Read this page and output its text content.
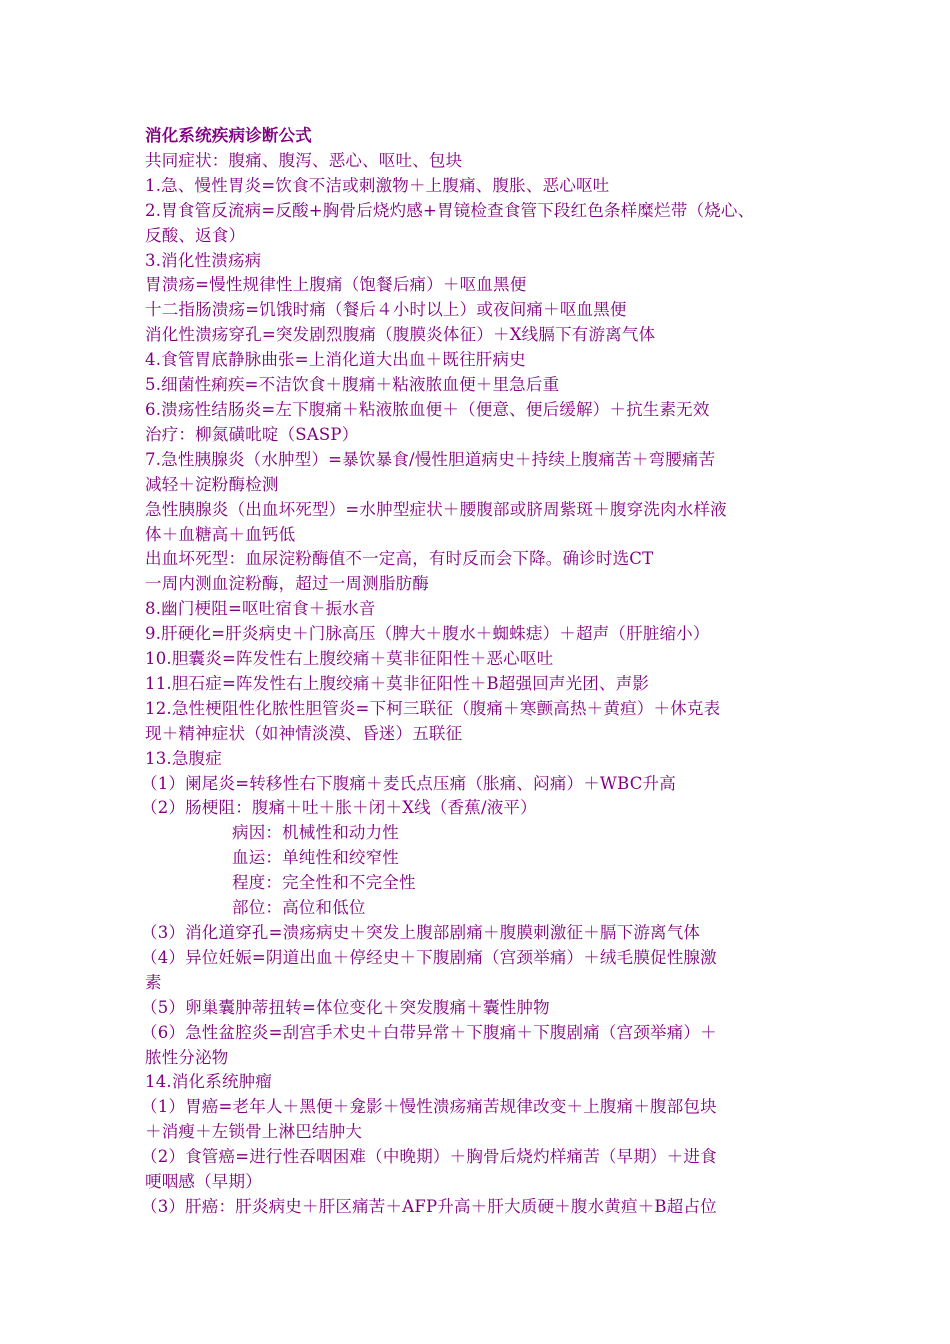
消化系统疾病诊断公式
共同症状：腹痛、腹泻、恶心、呕吐、包块
1.急、慢性胃炎=饮食不洁或刺激物＋上腹痛、腹胀、恶心呕吐
2.胃食管反流病=反酸+胸骨后烧灼感+胃镜检查食管下段红色条样糜烂带（烧心、
反酸、返食）
3.消化性溃疡病
胃溃疡=慢性规律性上腹痛（饱餐后痛）＋呕血黑便
十二指肠溃疡=饥饿时痛（餐后４小时以上）或夜间痛＋呕血黑便
消化性溃疡穿孔=突发剧烈腹痛（腹膜炎体征）＋X线膈下有游离气体
4.食管胃底静脉曲张=上消化道大出血＋既往肝病史
5.细菌性痢疾=不洁饮食＋腹痛＋粘液脓血便＋里急后重
6.溃疡性结肠炎=左下腹痛＋粘液脓血便＋（便意、便后缓解）＋抗生素无效
治疗：柳氮磺吡啶（SASP）
7.急性胰腺炎（水肿型）=暴饮暴食/慢性胆道病史＋持续上腹痛苦＋弯腰痛苦
减轻＋淀粉酶检测
急性胰腺炎（出血坏死型）=水肿型症状＋腰腹部或脐周紫斑＋腹穿洗肉水样液
体＋血糖高＋血钙低
出血坏死型：血尿淀粉酶值不一定高，有时反而会下降。确诊时选CT
一周内测血淀粉酶，超过一周测脂肪酶
8.幽门梗阻=呕吐宿食＋振水音
9.肝硬化=肝炎病史＋门脉高压（脾大＋腹水＋蜘蛛痣）＋超声（肝脏缩小）
10.胆囊炎=阵发性右上腹绞痛＋莫非征阳性＋恶心呕吐
11.胆石症=阵发性右上腹绞痛＋莫非征阳性＋B超强回声光团、声影
12.急性梗阻性化脓性胆管炎=下柯三联征（腹痛＋寒颤高热＋黄疸）＋休克表
现＋精神症状（如神情淡漠、昏迷）五联征
13.急腹症
（1）阑尾炎=转移性右下腹痛＋麦氏点压痛（胀痛、闷痛）＋WBC升高
（2）肠梗阻：腹痛＋吐＋胀＋闭＋X线（香蕉/液平）
病因：机械性和动力性
血运：单纯性和绞窄性
程度：完全性和不完全性
部位：高位和低位
（3）消化道穿孔=溃疡病史＋突发上腹部剧痛＋腹膜刺激征＋膈下游离气体
（4）异位妊娠=阴道出血＋停经史＋下腹剧痛（宫颈举痛）＋绒毛膜促性腺激
素
（5）卵巢囊肿蒂扭转=体位变化＋突发腹痛＋囊性肿物
（6）急性盆腔炎=刮宫手术史＋白带异常＋下腹痛＋下腹剧痛（宫颈举痛）＋
脓性分泌物
14.消化系统肿瘤
（1）胃癌=老年人＋黑便＋龛影＋慢性溃疡痛苦规律改变＋上腹痛＋腹部包块
＋消瘦＋左锁骨上淋巴结肿大
（2）食管癌=进行性吞咽困难（中晚期）＋胸骨后烧灼样痛苦（早期）＋进食
哽咽感（早期）
（3）肝癌：肝炎病史＋肝区痛苦＋AFP升高＋肝大质硬＋腹水黄疸＋B超占位
